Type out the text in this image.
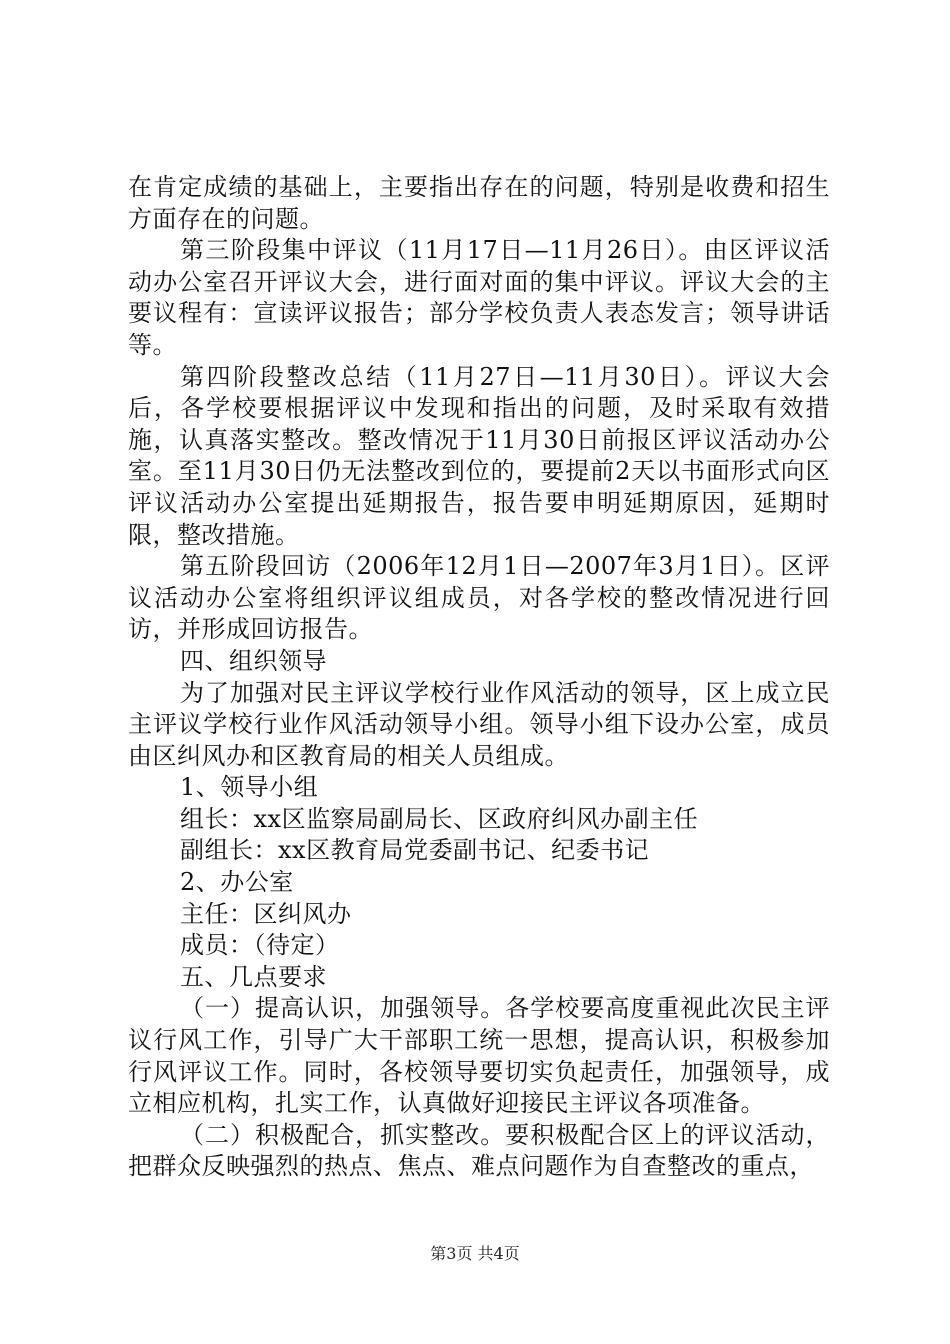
在肯定成绩的基础上，主要指出存在的问题，特别是收费和招生方面存在的问题。

第三阶段集中评议（11月17日—11月26日）。由区评议活动办公室召开评议大会，进行面对面的集中评议。评议大会的主要议程有：宣读评议报告；部分学校负责人表态发言；领导讲话等。

第四阶段整改总结（11月27日—11月30日）。评议大会后，各学校要根据评议中发现和指出的问题，及时采取有效措施，认真落实整改。整改情况于11月30日前报区评议活动办公室。至11月30日仍无法整改到位的，要提前2天以书面形式向区评议活动办公室提出延期报告，报告要申明延期原因，延期时限，整改措施。

第五阶段回访（2006年12月1日—2007年3月1日）。区评议活动办公室将组织评议组成员，对各学校的整改情况进行回访，并形成回访报告。

四、组织领导

为了加强对民主评议学校行业作风活动的领导，区上成立民主评议学校行业作风活动领导小组。领导小组下设办公室，成员由区纠风办和区教育局的相关人员组成。

1、领导小组

组长：xx区监察局副局长、区政府纠风办副主任

副组长：xx区教育局党委副书记、纪委书记

2、办公室

主任：区纠风办

成员：（待定）

五、几点要求

（一）提高认识，加强领导。各学校要高度重视此次民主评议行风工作，引导广大干部职工统一思想，提高认识，积极参加行风评议工作。同时，各校领导要切实负起责任，加强领导，成立相应机构，扎实工作，认真做好迎接民主评议各项准备。

（二）积极配合，抓实整改。要积极配合区上的评议活动，把群众反映强烈的热点、焦点、难点问题作为自查整改的重点，

第3页 共4页
